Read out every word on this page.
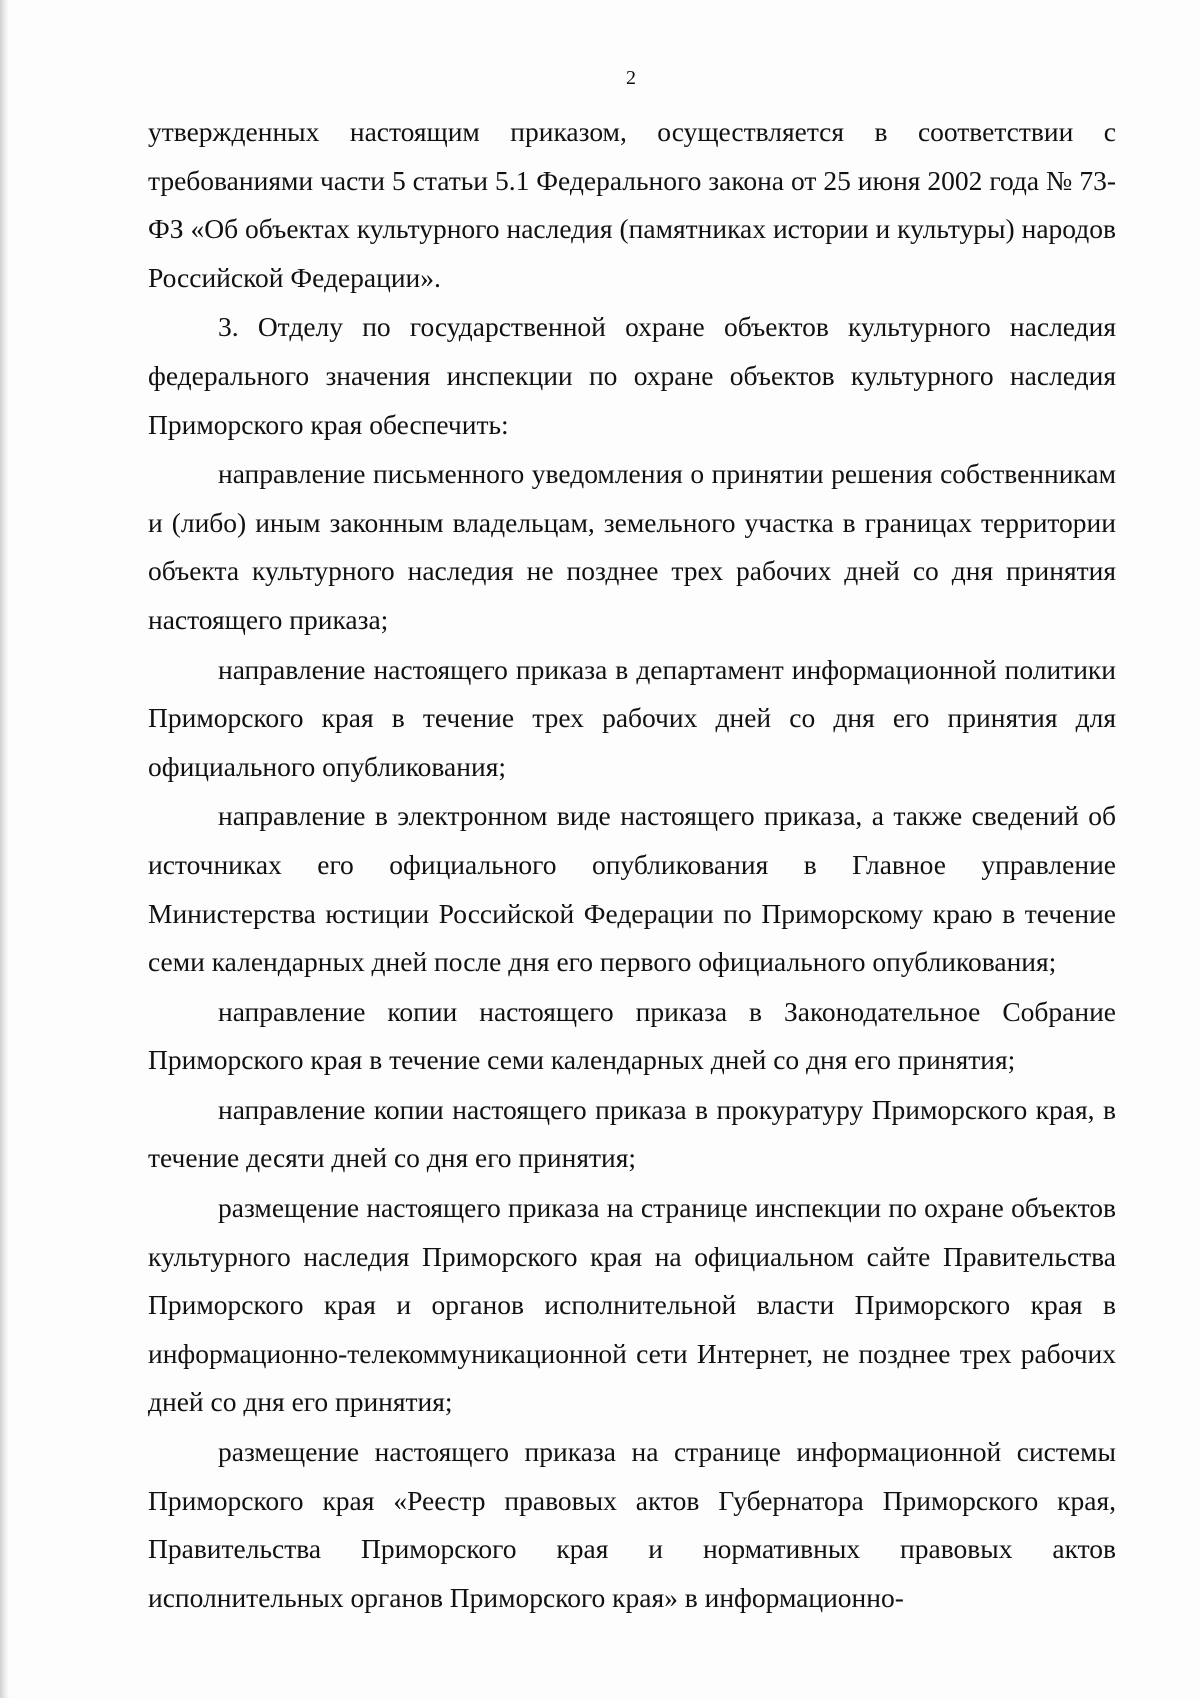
2

утвержденных настоящим приказом, осуществляется в соответствии с требованиями части 5 статьи 5.1 Федерального закона от 25 июня 2002 года № 73-ФЗ «Об объектах культурного наследия (памятниках истории и культуры) народов Российской Федерации».

3. Отделу по государственной охране объектов культурного наследия федерального значения инспекции по охране объектов культурного наследия Приморского края обеспечить:

направление письменного уведомления о принятии решения собственникам и (либо) иным законным владельцам, земельного участка в границах территории объекта культурного наследия не позднее трех рабочих дней со дня принятия настоящего приказа;

направление настоящего приказа в департамент информационной политики Приморского края в течение трех рабочих дней со дня его принятия для официального опубликования;

направление в электронном виде настоящего приказа, а также сведений об источниках его официального опубликования в Главное управление Министерства юстиции Российской Федерации по Приморскому краю в течение семи календарных дней после дня его первого официального опубликования;

направление копии настоящего приказа в Законодательное Собрание Приморского края в течение семи календарных дней со дня его принятия;

направление копии настоящего приказа в прокуратуру Приморского края, в течение десяти дней со дня его принятия;

размещение настоящего приказа на странице инспекции по охране объектов культурного наследия Приморского края на официальном сайте Правительства Приморского края и органов исполнительной власти Приморского края в информационно-телекоммуникационной сети Интернет, не позднее трех рабочих дней со дня его принятия;

размещение настоящего приказа на странице информационной системы Приморского края «Реестр правовых актов Губернатора Приморского края, Правительства Приморского края и нормативных правовых актов исполнительных органов Приморского края» в информационно-
